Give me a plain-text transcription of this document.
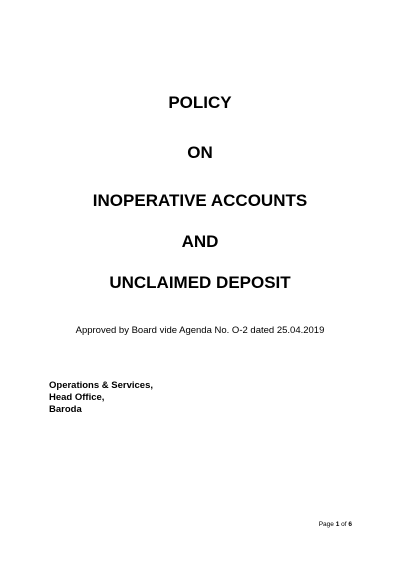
POLICY
ON
INOPERATIVE ACCOUNTS
AND
UNCLAIMED DEPOSIT
Approved by Board vide Agenda No. O-2 dated 25.04.2019
Operations & Services,
Head Office,
Baroda
Page 1 of 6
